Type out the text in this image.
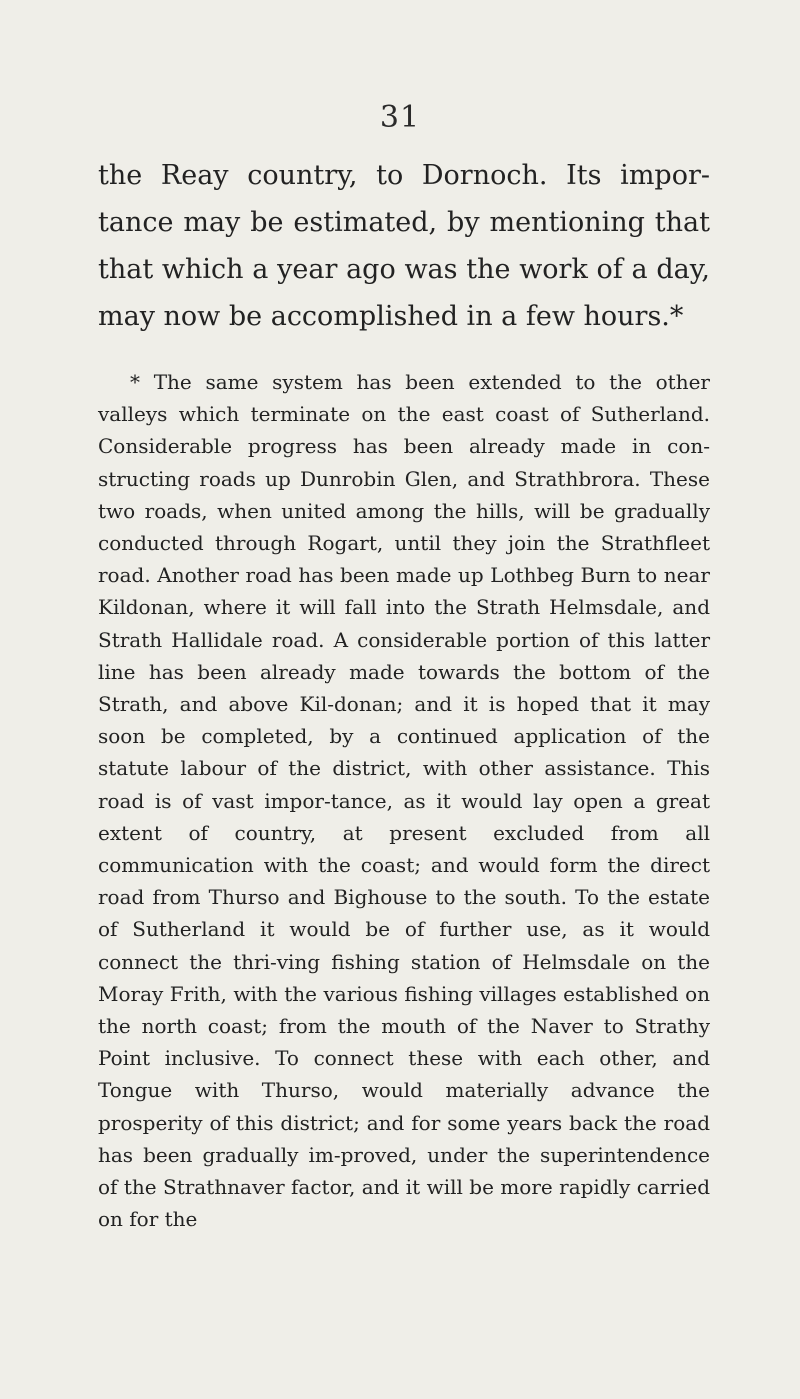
31

the Reay country, to Dornoch. Its impor-tance may be estimated, by mentioning that that which a year ago was the work of a day, may now be accomplished in a few hours.*

* The same system has been extended to the other valleys which terminate on the east coast of Sutherland. Considerable progress has been already made in con-structing roads up Dunrobin Glen, and Strathbrora. These two roads, when united among the hills, will be gradually conducted through Rogart, until they join the Strathfleet road. Another road has been made up Lothbeg Burn to near Kildonan, where it will fall into the Strath Helmsdale, and Strath Hallidale road. A considerable portion of this latter line has been already made towards the bottom of the Strath, and above Kil-donan; and it is hoped that it may soon be completed, by a continued application of the statute labour of the district, with other assistance. This road is of vast impor-tance, as it would lay open a great extent of country, at present excluded from all communication with the coast; and would form the direct road from Thurso and Bighouse to the south. To the estate of Sutherland it would be of further use, as it would connect the thri-ving fishing station of Helmsdale on the Moray Frith, with the various fishing villages established on the north coast; from the mouth of the Naver to Strathy Point inclusive. To connect these with each other, and Tongue with Thurso, would materially advance the prosperity of this district; and for some years back the road has been gradually im-proved, under the superintendence of the Strathnaver factor, and it will be more rapidly carried on for the
